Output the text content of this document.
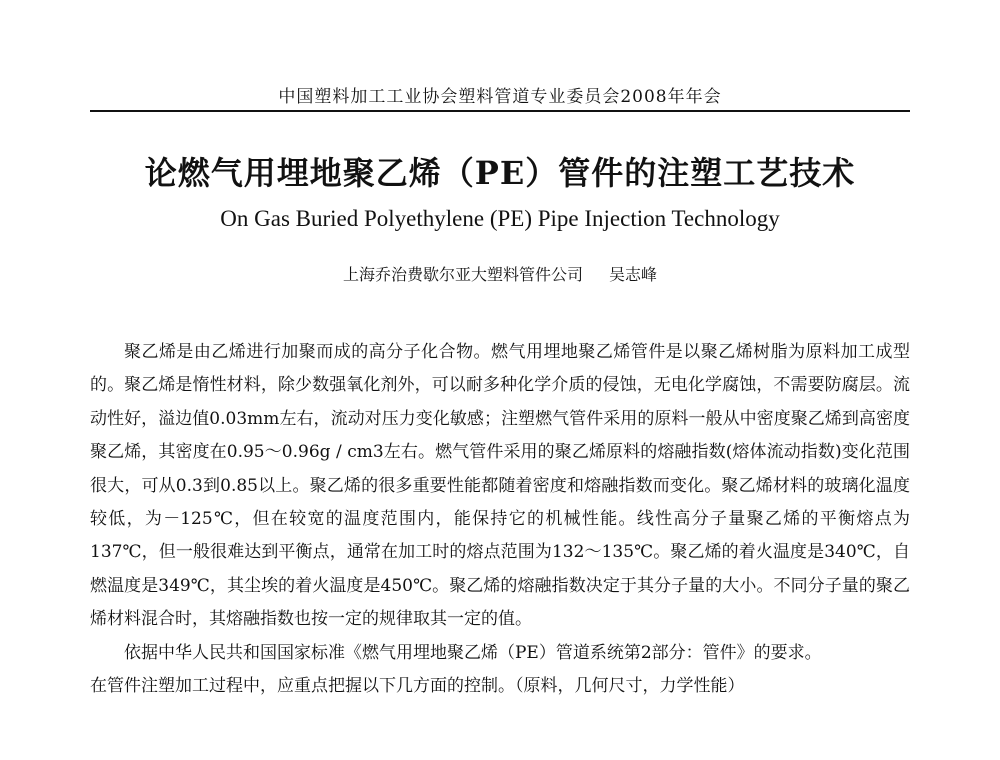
中国塑料加工工业协会塑料管道专业委员会2008年年会
论燃气用埋地聚乙烯（PE）管件的注塑工艺技术
On Gas Buried Polyethylene (PE) Pipe Injection Technology
上海乔治费歇尔亚大塑料管件公司 吴志峰

聚乙烯是由乙烯进行加聚而成的高分子化合物。燃气用埋地聚乙烯管件是以聚乙烯树脂为原料加工成型的。聚乙烯是惰性材料，除少数强氧化剂外，可以耐多种化学介质的侵蚀，无电化学腐蚀，不需要防腐层。流动性好，溢边值0.03mm左右，流动对压力变化敏感；注塑燃气管件采用的原料一般从中密度聚乙烯到高密度聚乙烯，其密度在0.95～0.96g / cm3左右。燃气管件采用的聚乙烯原料的熔融指数(熔体流动指数)变化范围很大，可从0.3到0.85以上。聚乙烯的很多重要性能都随着密度和熔融指数而变化。聚乙烯材料的玻璃化温度较低，为－125℃，但在较宽的温度范围内，能保持它的机械性能。线性高分子量聚乙烯的平衡熔点为137℃，但一般很难达到平衡点，通常在加工时的熔点范围为132～135℃。聚乙烯的着火温度是340℃，自燃温度是349℃，其尘埃的着火温度是450℃。聚乙烯的熔融指数决定于其分子量的大小。不同分子量的聚乙烯材料混合时，其熔融指数也按一定的规律取其一定的值。

依据中华人民共和国国家标准《燃气用埋地聚乙烯（PE）管道系统第2部分：管件》的要求。

在管件注塑加工过程中，应重点把握以下几方面的控制。（原料，几何尺寸，力学性能）
